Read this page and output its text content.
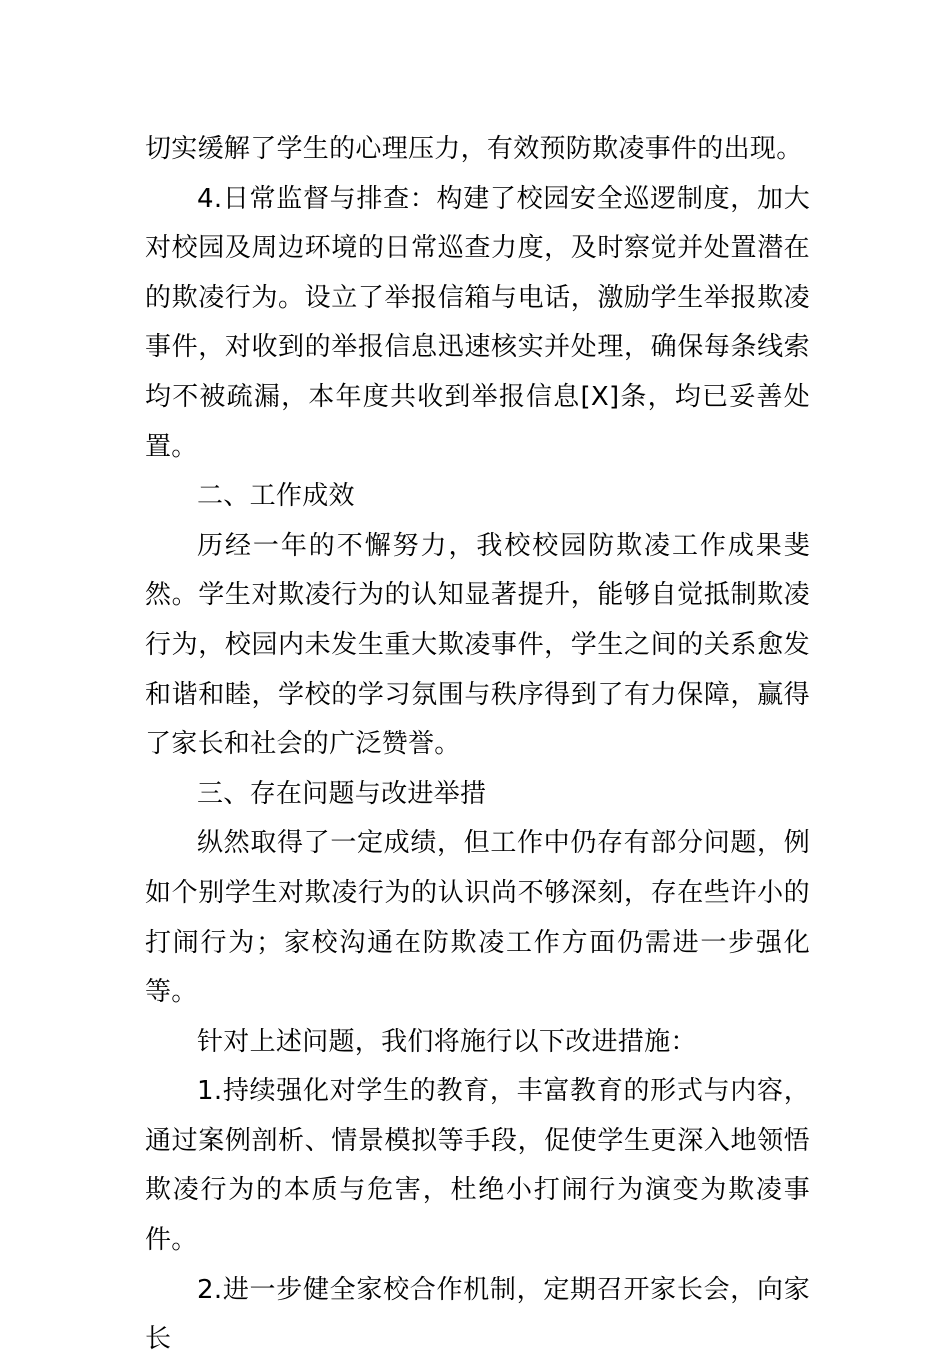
切实缓解了学生的心理压力，有效预防欺凌事件的出现。

4.日常监督与排查：构建了校园安全巡逻制度，加大对校园及周边环境的日常巡查力度，及时察觉并处置潜在的欺凌行为。设立了举报信箱与电话，激励学生举报欺凌事件，对收到的举报信息迅速核实并处理，确保每条线索均不被疏漏，本年度共收到举报信息[X]条，均已妥善处置。

二、工作成效

历经一年的不懈努力，我校校园防欺凌工作成果斐然。学生对欺凌行为的认知显著提升，能够自觉抵制欺凌行为，校园内未发生重大欺凌事件，学生之间的关系愈发和谐和睦，学校的学习氛围与秩序得到了有力保障，赢得了家长和社会的广泛赞誉。

三、存在问题与改进举措

纵然取得了一定成绩，但工作中仍存有部分问题，例如个别学生对欺凌行为的认识尚不够深刻，存在些许小的打闹行为；家校沟通在防欺凌工作方面仍需进一步强化等。

针对上述问题，我们将施行以下改进措施：

1.持续强化对学生的教育，丰富教育的形式与内容，通过案例剖析、情景模拟等手段，促使学生更深入地领悟欺凌行为的本质与危害，杜绝小打闹行为演变为欺凌事件。

2.进一步健全家校合作机制，定期召开家长会，向家长
